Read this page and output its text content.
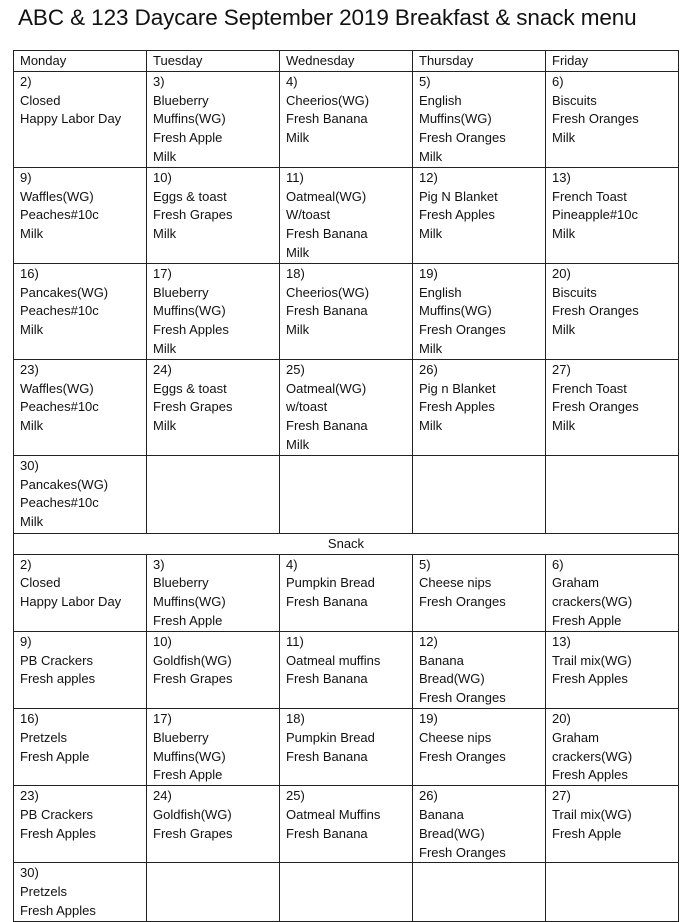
ABC & 123 Daycare September 2019 Breakfast & snack menu
Monday	Tuesday	Wednesday	Thursday	Friday

2)
Closed
Happy Labor Day	3)
Blueberry
Muffins(WG)
Fresh Apple
Milk	4)
Cheerios(WG)
Fresh Banana
Milk	5)
English
Muffins(WG)
Fresh Oranges
Milk	6)
Biscuits
Fresh Oranges
Milk

9)
Waffles(WG)
Peaches#10c
Milk	10)
Eggs & toast
Fresh Grapes
Milk	11)
Oatmeal(WG)
W/toast
Fresh Banana
Milk	12)
Pig N Blanket
Fresh Apples
Milk	13)
French Toast
Pineapple#10c
Milk

16)
Pancakes(WG)
Peaches#10c
Milk	17)
Blueberry
Muffins(WG)
Fresh Apples
Milk	18)
Cheerios(WG)
Fresh Banana
Milk	19)
English
Muffins(WG)
Fresh Oranges
Milk	20)
Biscuits
Fresh Oranges
Milk

23)
Waffles(WG)
Peaches#10c
Milk	24)
Eggs & toast
Fresh Grapes
Milk	25)
Oatmeal(WG)
w/toast
Fresh Banana
Milk	26)
Pig n Blanket
Fresh Apples
Milk	27)
French Toast
Fresh Oranges
Milk

30)
Pancakes(WG)
Peaches#10c
Milk				

Snack				

2)
Closed
Happy Labor Day	3)
Blueberry
Muffins(WG)
Fresh Apple	4)
Pumpkin Bread
Fresh Banana	5)
Cheese nips
Fresh Oranges	6)
Graham
crackers(WG)
Fresh Apple

9)
PB Crackers
Fresh apples	10)
Goldfish(WG)
Fresh Grapes	11)
Oatmeal muffins
Fresh Banana	12)
Banana
Bread(WG)
Fresh Oranges	13)
Trail mix(WG)
Fresh Apples

16)
Pretzels
Fresh Apple	17)
Blueberry
Muffins(WG)
Fresh Apple	18)
Pumpkin Bread
Fresh Banana	19)
Cheese nips
Fresh Oranges	20)
Graham
crackers(WG)
Fresh Apples

23)
PB Crackers
Fresh Apples	24)
Goldfish(WG)
Fresh Grapes	25)
Oatmeal Muffins
Fresh Banana	26)
Banana
Bread(WG)
Fresh Oranges	27)
Trail mix(WG)
Fresh Apple

30)
Pretzels
Fresh Apples				
